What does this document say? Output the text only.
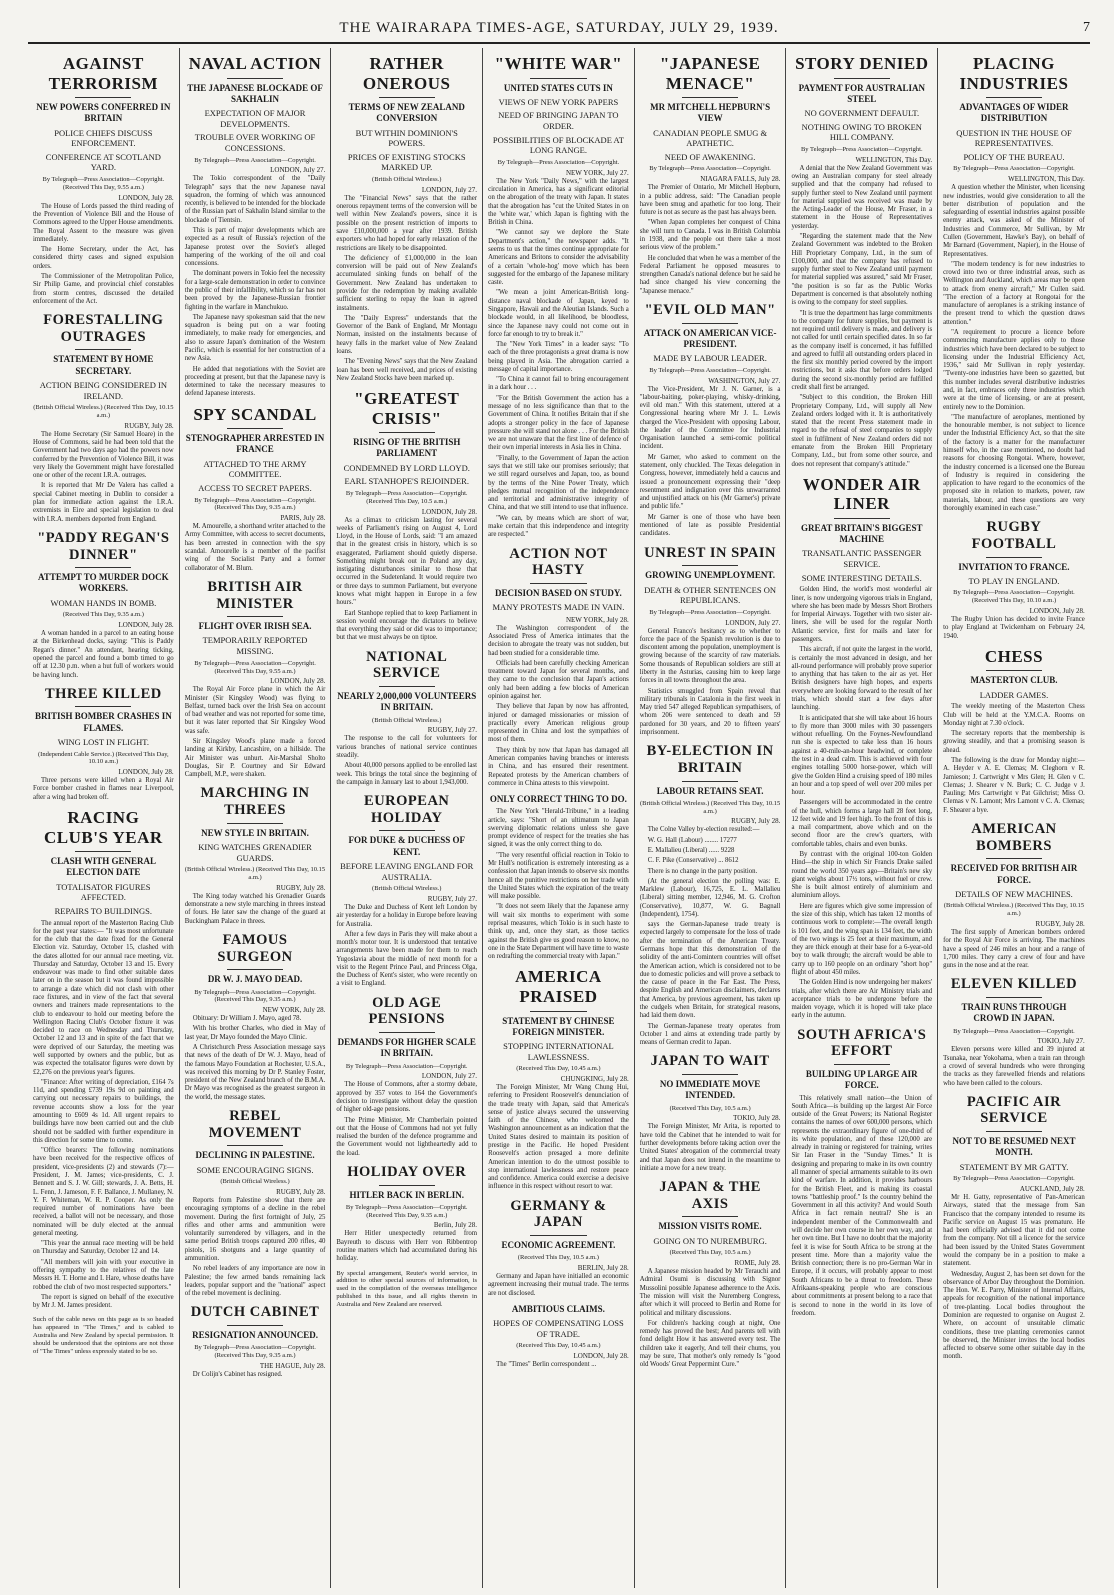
THE WAIRARAPA TIMES-AGE, SATURDAY, JULY 29, 1939.	7
AGAINST TERRORISM
NEW POWERS CONFERRED IN BRITAIN
POLICE CHIEFS DISCUSS ENFORCEMENT.
CONFERENCE AT SCOTLAND YARD.
By Telegraph—Press Association—Copyright. (Received This Day, 9.55 a.m.)
LONDON, July 28.

The House of Lords passed the third reading of the Prevention of Violence Bill and the House of Commons agreed to the Upper House amendments. The Royal Assent to the measure was given immediately.

The Home Secretary, under the Act, has considered thirty cases and signed expulsion orders.

The Commissioner of the Metropolitan Police, Sir Philip Game, and provincial chief constables from storm centres, discussed the detailed enforcement of the Act.

FORESTALLING OUTRAGES
STATEMENT BY HOME SECRETARY.
ACTION BEING CONSIDERED IN IRELAND.
(British Official Wireless.) (Received This Day, 10.15 a.m.)
RUGBY, July 28.

The Home Secretary (Sir Samuel Hoare) in the House of Commons, said he had been told that the Government had two days ago had the powers now conferred by the Prevention of Violence Bill, it was very likely the Government might have forestalled one or other of the recent I.R.A. outrages.

It is reported that Mr De Valera has called a special Cabinet meeting in Dublin to consider a plan for immediate action against the I.R.A. extremists in Eire and special legislation to deal with I.R.A. members deported from England.

"PADDY REGAN'S DINNER"
ATTEMPT TO MURDER DOCK WORKERS.
WOMAN HANDS IN BOMB.
(Received This Day, 9.35 a.m.)
LONDON, July 28.

A woman handed in a parcel to an eating house at the Birkenhead docks, saying: "This is Paddy Regan's dinner." An attendant, hearing ticking, opened the parcel and found a bomb timed to go off at 12.30 p.m. when a hut full of workers would be having lunch.

THREE KILLED
BRITISH BOMBER CRASHES IN FLAMES.
WING LOST IN FLIGHT.
(Independent Cable Service.) (Received This Day, 10.10 a.m.)
LONDON, July 28.

Three persons were killed when a Royal Air Force bomber crashed in flames near Liverpool, after a wing had broken off.

RACING CLUB'S YEAR
CLASH WITH GENERAL ELECTION DATE
TOTALISATOR FIGURES AFFECTED.
REPAIRS TO BUILDINGS.

The annual report of the Masterton Racing Club for the past year states:— "It was most unfortunate for the club that the date fixed for the General Election viz. Saturday, October 15, clashed with the dates allotted for our annual race meeting, viz. Thursday and Saturday, October 13 and 15. Every endeavour was made to find other suitable dates later on in the season but it was found impossible to arrange a date which did not clash with other race fixtures, and in view of the fact that several owners and trainers made representations to the club to endeavour to hold our meeting before the Wellington Racing Club's October fixture it was decided to race on Wednesday and Thursday, October 12 and 13 and in spite of the fact that we were deprived of our Saturday, the meeting was well supported by owners and the public, but as was expected the totalisator figures were down by £2,276 on the previous year's figures.

"Finance: After writing of depreciation, £164 7s 11d, and spending £739 19s 9d on painting and carrying out necessary repairs to buildings, the revenue accounts show a loss for the year amounting to £609 4s 1d. All urgent repairs to buildings have now been carried out and the club should not be saddled with further expenditure in this direction for some time to come.

"Office bearers: The following nominations have been received for the respective offices of president, vice-presidents (2) and stewards (7):—President, J. M. James; vice-presidents, C. J. Bennett and S. J. W. Gill; stewards, J. A. Betts, H. L. Fenn, J. Jameson, F. F. Ballance, J. Mullaney, N. Y. F. Whiteman, W. R. P. Cooper. As only the required number of nominations have been received, a ballot will not be necessary, and those nominated will be duly elected at the annual general meeting.

"This year the annual race meeting will be held on Thursday and Saturday, October 12 and 14.

"All members will join with your executive in offering sympathy to the relatives of the late Messrs H. T. Horne and I. Hare, whose deaths have robbed the club of two most respected supporters."

The report is signed on behalf of the executive by Mr J. M. James president.

Such of the cable news on this page as is so headed has appeared in "The Times," and is cabled to Australia and New Zealand by special permission. It should be understood that the opinions are not those of "The Times" unless expressly stated to be so.
NAVAL ACTION
THE JAPANESE BLOCKADE OF SAKHALIN
EXPECTATION OF MAJOR DEVELOPMENTS.
TROUBLE OVER WORKING OF CONCESSIONS.
By Telegraph—Press Association—Copyright.
LONDON, July 27.

The Tokio correspondent of the "Daily Telegraph" says that the new Japanese naval squadron, the forming of which was announced recently, is believed to be intended for the blockade of the Russian part of Sakhalin Island similar to the blockade of Tientsin.

This is part of major developments which are expected as a result of Russia's rejection of the Japanese protest over the Soviet's alleged hampering of the working of the oil and coal concessions.

The dominant powers in Tokio feel the necessity for a large-scale demonstration in order to convince the public of their infallibility, which so far has not been proved by the Japanese-Russian frontier fighting in the warfare in Manchukuo.

The Japanese navy spokesman said that the new squadron is being put on a war footing immediately, to make ready for emergencies, and also to assure Japan's domination of the Western Pacific, which is essential for her construction of a new Asia.

He added that negotiations with the Soviet are proceeding at present, but that the Japanese navy is determined to take the necessary measures to defend Japanese interests.

SPY SCANDAL
STENOGRAPHER ARRESTED IN FRANCE
ATTACHED TO THE ARMY COMMITTEE.
ACCESS TO SECRET PAPERS.
By Telegraph—Press Association—Copyright. (Received This Day, 9.35 a.m.)
PARIS, July 28.

M. Amourelle, a shorthand writer attached to the Army Committee, with access to secret documents, has been arrested in connection with the spy scandal. Amourelle is a member of the pacifist wing of the Socialist Party and a former collaborator of M. Blum.

BRITISH AIR MINISTER
FLIGHT OVER IRISH SEA.
TEMPORARILY REPORTED MISSING.
By Telegraph—Press Association—Copyright. (Received This Day, 9.55 a.m.)
LONDON, July 28.

The Royal Air Force plane in which the Air Minister (Sir Kingsley Wood) was flying to Belfast, turned back over the Irish Sea on account of bad weather and was not reported for some time, but it was later reported that Sir Kingsley Wood was safe.

Sir Kingsley Wood's plane made a forced landing at Kirkby, Lancashire, on a hillside. The Air Minister was unhurt. Air-Marshal Sholto Douglas, Sir P. Courtney and Sir Edward Campbell, M.P., were shaken.

MARCHING IN THREES
NEW STYLE IN BRITAIN.
KING WATCHES GRENADIER GUARDS.
(British Official Wireless.) (Received This Day, 10.15 a.m.)
RUGBY, July 28.

The King today watched his Grenadier Guards demonstrate a new style marching in threes instead of fours. He later saw the change of the guard at Buckingham Palace in threes.

FAMOUS SURGEON
DR W. J. MAYO DEAD.
By Telegraph—Press Association—Copyright. (Received This Day, 9.35 a.m.)
NEW YORK, July 28.

Obituary: Dr William J. Mayo, aged 78.

With his brother Charles, who died in May of last year, Dr Mayo founded the Mayo Clinic.

A Christchurch Press Association message says that news of the death of Dr W. J. Mayo, head of the famous Mayo Foundation at Rochester, U.S.A., was received this morning by Dr P. Stanley Foster, president of the New Zealand branch of the B.M.A. Dr Mayo was recognised as the greatest surgeon in the world, the message states.

REBEL MOVEMENT
DECLINING IN PALESTINE.
SOME ENCOURAGING SIGNS.
(British Official Wireless.)
RUGBY, July 28.

Reports from Palestine show that there are encouraging symptoms of a decline in the rebel movement. During the first fortnight of July, 25 rifles and other arms and ammunition were voluntarily surrendered by villagers, and in the same period British troops captured 200 rifles, 40 pistols, 16 shotguns and a large quantity of ammunition.

No rebel leaders of any importance are now in Palestine; the few armed bands remaining lack leaders, popular support and the "national" aspect of the rebel movement is declining.

DUTCH CABINET
RESIGNATION ANNOUNCED.
By Telegraph—Press Association—Copyright. (Received This Day, 9.35 a.m.)
THE HAGUE, July 28.

Dr Colijn's Cabinet has resigned.

RATHER ONEROUS
TERMS OF NEW ZEALAND CONVERSION
BUT WITHIN DOMINION'S POWERS.
PRICES OF EXISTING STOCKS MARKED UP.
(British Official Wireless.)
LONDON, July 27.

The "Financial News" says that the rather onerous repayment terms of the conversion will be well within New Zealand's powers, since it is possible on the present restriction of imports to save £10,000,000 a year after 1939. British exporters who had hoped for early relaxation of the restrictions are likely to be disappointed.

The deficiency of £1,000,000 in the loan conversion will be paid out of New Zealand's accumulated sinking funds on behalf of the Government. New Zealand has undertaken to provide for the redemption by making available sufficient sterling to repay the loan in agreed instalments.

The "Daily Express" understands that the Governor of the Bank of England, Mr Montagu Norman, insisted on the instalments because of heavy falls in the market value of New Zealand loans.

The "Evening News" says that the New Zealand loan has been well received, and prices of existing New Zealand Stocks have been marked up.

"GREATEST CRISIS"
RISING OF THE BRITISH PARLIAMENT
CONDEMNED BY LORD LLOYD.
EARL STANHOPE'S REJOINDER.
By Telegraph—Press Association—Copyright. (Received This Day, 10.5 a.m.)
LONDON, July 28.

As a climax to criticism lasting for several weeks of Parliament's rising on August 4, Lord Lloyd, in the House of Lords, said: "I am amazed that in the greatest crisis in history, which is so exaggerated, Parliament should quietly disperse. Something might break out in Poland any day, instigating disturbances similar to those that occurred in the Sudetenland. It would require two or three days to summon Parliament, but everyone knows what might happen in Europe in a few hours."

Earl Stanhope replied that to keep Parliament in session would encourage the dictators to believe that everything they said or did was to importance; but that we must always be on tiptoe.

NATIONAL SERVICE
NEARLY 2,000,000 VOLUNTEERS IN BRITAIN.
(British Official Wireless.)
RUGBY, July 27.

The response to the call for volunteers for various branches of national service continues steadily.

About 40,000 persons applied to be enrolled last week. This brings the total since the beginning of the campaign in January last to about 1,943,000.

EUROPEAN HOLIDAY
FOR DUKE & DUCHESS OF KENT.
BEFORE LEAVING ENGLAND FOR AUSTRALIA.
(British Official Wireless.)
RUGBY, July 27.

The Duke and Duchess of Kent left London by air yesterday for a holiday in Europe before leaving for Australia.

After a few days in Paris they will make about a month's motor tour. It is understood that tentative arrangements have been made for them to reach Yugoslavia about the middle of next month for a visit to the Regent Prince Paul, and Princess Olga, the Duchess of Kent's sister, who were recently on a visit to England.

OLD AGE PENSIONS
DEMANDS FOR HIGHER SCALE IN BRITAIN.
By Telegraph—Press Association—Copyright.
LONDON, July 27.

The House of Commons, after a stormy debate, approved by 357 votes to 164 the Government's decision to investigate without delay the question of higher old-age pensions.

The Prime Minister, Mr Chamberlain pointed out that the House of Commons had not yet fully realised the burden of the defence programme and the Government would not lightheartedly add to the load.

HOLIDAY OVER
HITLER BACK IN BERLIN.
By Telegraph—Press Association—Copyright. (Received This Day, 9.35 a.m.)
Berlin, July 28.

Herr Hitler unexpectedly returned from Bayreuth to discuss with Herr von Ribbentrop routine matters which had accumulated during his holiday.

By special arrangement, Reuter's world service, in addition to other special sources of information, is used in the compilation of the overseas intelligence published in this issue, and all rights therein in Australia and New Zealand are reserved.
"WHITE WAR"
UNITED STATES CUTS IN
VIEWS OF NEW YORK PAPERS
NEED OF BRINGING JAPAN TO ORDER.
POSSIBILITIES OF BLOCKADE AT LONG RANGE.
By Telegraph—Press Association—Copyright.
NEW YORK, July 27.

The New York "Daily News," with the largest circulation in America, has a significant editorial on the abrogation of the treaty with Japan. It states that the abrogation has "cut the United States in on the 'white war,' which Japan is fighting with the British in China.

"We cannot say we deplore the State Department's action," the newspaper adds. "It seems to us that the times continue appropriate for Americans and Britons to consider the advisability of a certain 'whole-hog' move which has been suggested for the embargo of the Japanese military caste.

"We mean a joint American-British long-distance naval blockade of Japan, keyed to Singapore, Hawaii and the Aleutian Islands. Such a blockade would, in all likelihood, be bloodless, since the Japanese navy could not come out in force far enough to try to break it."

The "New York Times" in a leader says: "To each of the three protagonists a great drama is now being played in Asia. The abrogation carried a message of capital importance.

"To China it cannot fail to bring encouragement in a dark hour . . .

"For the British Government the action has a message of no less significance than that to the Government of China. It notifies Britain that if she adopts a stronger policy in the face of Japanese pressure she will stand not alone . . . For the British we are not unaware that the first line of defence of their own imperial interests in Asia lies in China.

"Finally, to the Government of Japan the action says that we still take our promises seriously; that we still regard ourselves and Japan, too, as bound by the terms of the Nine Power Treaty, which pledges mutual recognition of the independence and territorial and administrative integrity of China, and that we still intend to use that influence.

"We can, by means which are short of war, make certain that this independence and integrity are respected."

ACTION NOT HASTY
DECISION BASED ON STUDY.
MANY PROTESTS MADE IN VAIN.
NEW YORK, July 28.

The Washington correspondent of the Associated Press of America intimates that the decision to abrogate the treaty was not sudden, but had been studied for a considerable time.

Officials had been carefully checking American treatment toward Japan for several months, and they came to the conclusion that Japan's actions only had been adding a few blocks of American opinion against her.

They believe that Japan by now has affronted, injured or damaged missionaries or mission of practically every American religious group represented in China and lost the sympathies of most of them.

They think by now that Japan has damaged all American companies having branches or interests in China, and has ensured their resentment. Repeated protests by the American chambers of commerce in China attests to this viewpoint.

ONLY CORRECT THING TO DO.

The New York "Herald-Tribune," in a leading article, says: "Short of an ultimatum to Japan swerving diplomatic relations unless she gave prompt evidence of respect for the treaties she has signed, it was the only correct thing to do.

"The very resentful official reaction in Tokio to Mr Hull's notification is extremely interesting as a confession that Japan intends to observe six months hence all the punitive restrictions on her trade with the United States which the expiration of the treaty will make possible.

"It does not seem likely that the Japanese army will wait six months to experiment with some reprisal measures, which Tokio is in such haste to think up, and, once they start, as those tactics against the British give us good reason to know, no one in the State Department will have time to waste on redrafting the commercial treaty with Japan."

AMERICA PRAISED
STATEMENT BY CHINESE FOREIGN MINISTER.
STOPPING INTERNATIONAL LAWLESSNESS.
(Received This Day, 10.45 a.m.)
CHUNGKING, July 28.

The Foreign Minister, Mr Wang Chung Hui, referring to President Roosevelt's denunciation of the trade treaty with Japan, said that America's sense of justice always secured the unswerving faith of the Chinese, who welcomed the Washington announcement as an indication that the United States desired to maintain its position of prestige in the Pacific. He hoped President Roosevelt's action presaged a more definite American intention to do the utmost possible to stop international lawlessness and restore peace and confidence. America could exercise a decisive influence in this respect without resort to war.

GERMANY & JAPAN
ECONOMIC AGREEMENT.
(Received This Day, 10.5 a.m.)
BERLIN, July 28.

Germany and Japan have initialled an economic agreement increasing their mutual trade. The terms are not disclosed.

AMBITIOUS CLAIMS.
HOPES OF COMPENSATING LOSS OF TRADE.
(Received This Day, 10.45 a.m.)
LONDON, July 28.

The "Times" Berlin correspondent ...

"JAPANESE MENACE"
MR MITCHELL HEPBURN'S VIEW
CANADIAN PEOPLE SMUG & APATHETIC.
NEED OF AWAKENING.
By Telegraph—Press Association—Copyright.
NIAGARA FALLS, July 28.

The Premier of Ontario, Mr Mitchell Hepburn, in a public address, said: "The Canadian people have been smug and apathetic for too long. Their future is not as secure as the past has always been.

"When Japan completes her conquest of China she will turn to Canada. I was in British Columbia in 1938, and the people out there take a most serious view of the problem."

He concluded that when he was a member of the Federal Parliament he opposed measures to strengthen Canada's national defence but he said he had since changed his view concerning the "Japanese menace."

"EVIL OLD MAN"
ATTACK ON AMERICAN VICE-PRESIDENT.
MADE BY LABOUR LEADER.
By Telegraph—Press Association—Copyright.
WASHINGTON, July 27.

The Vice-President, Mr J. N. Garner, is a "labour-baiting, poker-playing, whisky-drinking, evil old man." With this statement, uttered at a Congressional hearing where Mr J. L. Lewis charged the Vice-President with opposing Labour, the leader of the Committee for Industrial Organisation launched a semi-comic political incident.

Mr Garner, who asked to comment on the statement, only chuckled. The Texas delegation in Congress, however, immediately held a caucus and issued a pronouncement expressing their "deep resentment and indignation over this unwarranted and unjustified attack on his (Mr Garner's) private and public life."

Mr Garner is one of those who have been mentioned of late as possible Presidential candidates.

UNREST IN SPAIN
GROWING UNEMPLOYMENT.
DEATH & OTHER SENTENCES ON REPUBLICANS.
By Telegraph—Press Association—Copyright.
LONDON, July 27.

General Franco's hesitancy as to whether to force the pace of the Spanish revolution is due to discontent among the population, unemployment is growing because of the scarcity of raw materials. Some thousands of Republican soldiers are still at liberty in the Asturias, causing him to keep large forces in all towns throughout the area.

Statistics smuggled from Spain reveal that military tribunals in Catalonia in the first week in May tried 547 alleged Republican sympathisers, of whom 206 were sentenced to death and 59 pardoned for 30 years, and 20 to fifteen years' imprisonment.

BY-ELECTION IN BRITAIN
LABOUR RETAINS SEAT.
(British Official Wireless.) (Received This Day, 10.15 a.m.)
RUGBY, July 28.

The Colne Valley by-election resulted:—

W. G. Hall (Labour) ........ 17277

E. Mallalieu (Liberal) ...... 9228

C. F. Pike (Conservative) ... 8612

There is no change in the party position.

(At the general election the polling was: E. Marklew (Labour), 16,725, E. L. Mallalieu (Liberal) sitting member, 12,946, M. G. Crofton (Conservative), 10,877, W. G. Bagnall (Independent), 1754).

says the German-Japanese trade treaty is expected largely to compensate for the loss of trade after the termination of the American Treaty. Germans hope that this demonstration of the solidity of the anti-Comintern countries will offset the American action, which is considered not to be due to domestic policies and will prove a setback to the cause of peace in the Far East. The Press, despite English and American disclaimers, declares that America, by previous agreement, has taken up the cudgels when Britain, for strategical reasons, had laid them down.

The German-Japanese treaty operates from October 1 and aims at extending trade partly by means of German credit to Japan.

JAPAN TO WAIT
NO IMMEDIATE MOVE INTENDED.
(Received This Day, 10.5 a.m.)
TOKIO, July 28.

The Foreign Minister, Mr Arita, is reported to have told the Cabinet that he intended to wait for further developments before taking action over the United States' abrogation of the commercial treaty and that Japan does not intend in the meantime to initiate a move for a new treaty.

JAPAN & THE AXIS
MISSION VISITS ROME.
GOING ON TO NUREMBURG.
(Received This Day, 10.5 a.m.)
ROME, July 28.

A Japanese mission headed by Mr Terauchi and Admiral Osumi is discussing with Signor Mussolini possible Japanese adherence to the Axis. The mission will visit the Nuremberg Congress, after which it will proceed to Berlin and Rome for political and military discussions.

For children's hacking cough at night, One remedy has proved the best; And parents tell with fond delight How it has answered every test. The children take it eagerly, And tell their chums, you may be sure, That mother's only remedy Is "good old Woods' Great Peppermint Cure."

STORY DENIED
PAYMENT FOR AUSTRALIAN STEEL
NO GOVERNMENT DEFAULT.
NOTHING OWING TO BROKEN HILL COMPANY.
By Telegraph—Press Association—Copyright.
WELLINGTON, This Day.

A denial that the New Zealand Government was owing an Australian company for steel already supplied and that the company had refused to supply further steel to New Zealand until payment for material supplied was received was made by the Acting-Leader of the House, Mr Fraser, in a statement in the House of Representatives yesterday.

"Regarding the statement made that the New Zealand Government was indebted to the Broken Hill Proprietary Company, Ltd., in the sum of £100,000, and that the company has refused to supply further steel to New Zealand until payment for material supplied was assured," said Mr Fraser, "the position is so far as the Public Works Department is concerned is that absolutely nothing is owing to the company for steel supplies.

"It is true the department has large commitments to the company for future supplies, but payment is not required until delivery is made, and delivery is not called for until certain specified dates. In so far as the company itself is concerned, it has fulfilled and agreed to fulfil all outstanding orders placed in the first six monthly period covered by the import restrictions, but it asks that before orders lodged during the second six-monthly period are fulfilled credit shall first be arranged.

"Subject to this condition, the Broken Hill Proprietary Company, Ltd., will supply all New Zealand orders lodged with it. It is authoritatively stated that the recent Press statement made in regard to the refusal of steel companies to supply steel in fulfilment of New Zealand orders did not emanate from the Broken Hill Proprietary Company, Ltd., but from some other source, and does not represent that company's attitude."

WONDER AIR LINER
GREAT BRITAIN'S BIGGEST MACHINE
TRANSATLANTIC PASSENGER SERVICE.
SOME INTERESTING DETAILS.

Golden Hind, the world's most wonderful air liner, is now undergoing vigorous trials in England, where she has been made by Messrs Short Brothers for Imperial Airways. Together with two sister air-liners, she will be used for the regular North Atlantic service, first for mails and later for passengers.

This aircraft, if not quite the largest in the world, is certainly the most advanced in design, and her all-round performance will probably prove superior to anything that has taken to the air as yet. Her British designers have high hopes, and experts everywhere are looking forward to the result of her trials, which should start a few days after launching.

It is anticipated that she will take about 16 hours to fly more than 3000 miles with 30 passengers without refuelling. On the Foynes-Newfoundland run she is expected to take less than 16 hours against a 40-mile-an-hour headwind, or complete the test in a dead calm. This is achieved with four engines totalling 5000 horse-power, which will give the Golden Hind a cruising speed of 180 miles an hour and a top speed of well over 200 miles per hour.

Passengers will be accommodated in the centre of the hull, which forms a large hall 28 feet long, 12 feet wide and 19 feet high. To the front of this is a mail compartment, above which and on the second floor are the crew's quarters, with comfortable tables, chairs and even bunks.

By contrast with the original 100-ton Golden Hind—the ship in which Sir Francis Drake sailed round the world 350 years ago—Britain's new sky giant weighs about 17½ tons, without fuel or crew. She is built almost entirely of aluminium and aluminium alloys.

Here are figures which give some impression of the size of this ship, which has taken 12 months of continuous work to complete:—The overall length is 101 feet, and the wing span is 134 feet, the width of the two wings is 25 feet at their maximum, and they are thick enough at their base for a 6-year-old boy to walk through; the aircraft would be able to carry up to 160 people on an ordinary "short hop" flight of about 450 miles.

The Golden Hind is now undergoing her makers' trials, after which there are Air Ministry trials and acceptance trials to be undergone before the maiden voyage, which it is hoped will take place early in the autumn.

SOUTH AFRICA'S EFFORT
BUILDING UP LARGE AIR FORCE.

This relatively small nation—the Union of South Africa—is building up the largest Air Force outside of the Great Powers; its National Register contains the names of over 600,000 persons, which represents the extraordinary figure of one-third of its white population, and of these 120,000 are already in training or registered for training, writes Sir Ian Fraser in the "Sunday Times." It is designing and preparing to make in its own country all manner of special armaments suitable to its own kind of warfare. In addition, it provides harbours for the British Fleet, and is making its coastal towns "battleship proof." Is the country behind the Government in all this activity? And would South Africa in fact remain neutral? She is an independent member of the Commonwealth and will decide her own course in her own way, and at her own time. But I have no doubt that the majority feel it is wise for South Africa to be strong at the present time. More than a majority value the British connection; there is no pro-German War in Europe, if it occurs, will probably appear to most South Africans to be a threat to freedom. These Afrikaans-speaking people who are conscious about commitments at present belong to a race that is second to none in the world in its love of freedom.

PLACING INDUSTRIES
ADVANTAGES OF WIDER DISTRIBUTION
QUESTION IN THE HOUSE OF REPRESENTATIVES.
POLICY OF THE BUREAU.
By Telegraph—Press Association—Copyright.
WELLINGTON, This Day.

A question whether the Minister, when licensing new industries, would give consideration to all the better distribution of population and the safeguarding of essential industries against possible enemy attack, was asked of the Minister of Industries and Commerce, Mr Sullivan, by Mr Cullen (Government, Hawke's Bay), on behalf of Mr Barnard (Government, Napier), in the House of Representatives.

"The modern tendency is for new industries to crowd into two or three industrial areas, such as Wellington and Auckland, which areas may be open to attack from enemy aircraft," Mr Cullen said. "The erection of a factory at Rongotai for the manufacture of aeroplanes is a striking instance of the present trend to which the question draws attention."

"A requirement to procure a licence before commencing manufacture applies only to those industries which have been declared to be subject to licensing under the Industrial Efficiency Act, 1936," said Mr Sullivan in reply yesterday. "Twenty-one industries have been so gazetted, but this number includes several distributive industries and, in fact, embraces only three industries which were at the time of licensing, or are at present, entirely new to the Dominion.

"The manufacture of aeroplanes, mentioned by the honourable member, is not subject to licence under the Industrial Efficiency Act, so that the site of the factory is a matter for the manufacturer himself who, in the case mentioned, no doubt had reasons for choosing Rongotai. Where, however, the industry concerned is a licensed one the Bureau of Industry is required in considering the application to have regard to the economics of the proposed site in relation to markets, power, raw materials, labour, and these questions are very thoroughly examined in each case."

RUGBY FOOTBALL
INVITATION TO FRANCE.
TO PLAY IN ENGLAND.
By Telegraph—Press Association—Copyright. (Received This Day, 10.10 a.m.)
LONDON, July 28.

The Rugby Union has decided to invite France to play England at Twickenham on February 24, 1940.

CHESS
MASTERTON CLUB.
LADDER GAMES.

The weekly meeting of the Masterton Chess Club will be held at the Y.M.C.A. Rooms on Monday night at 7.30 o'clock.

The secretary reports that the membership is growing steadily, and that a promising season is ahead.

The following is the draw for Monday night:—A. Heyder v A. E. Clemas; M. Cleghorn v R. Jamieson; J. Cartwright v Mrs Glen; H. Glen v C. Clemas; J. Shearer v N. Burk; C. C. Judge v J. Pauling; Mrs Cartwright v Pat Gilchrist; Miss O. Clemas v N. Lamont; Mrs Lamont v C. A. Clemas; F. Shearer a bye.

AMERICAN BOMBERS
RECEIVED FOR BRITISH AIR FORCE.
DETAILS OF NEW MACHINES.
(British Official Wireless.) (Received This Day, 10.15 a.m.)
RUGBY, July 28.

The first supply of American bombers ordered for the Royal Air Force is arriving. The machines have a speed of 246 miles an hour and a range of 1,700 miles. They carry a crew of four and have guns in the nose and at the rear.

ELEVEN KILLED
TRAIN RUNS THROUGH CROWD IN JAPAN.
By Telegraph—Press Association—Copyright.
TOKIO, July 27.

Eleven persons were killed and 39 injured at Tsunaka, near Yokohama, when a train ran through a crowd of several hundreds who were thronging the tracks as they farewelled friends and relations who have been called to the colours.

PACIFIC AIR SERVICE
NOT TO BE RESUMED NEXT MONTH.
STATEMENT BY MR GATTY.
By Telegraph—Press Association—Copyright.
AUCKLAND, July 28.

Mr H. Gatty, representative of Pan-American Airways, stated that the message from San Francisco that the company intended to resume its Pacific service on August 15 was premature. He had been officially advised that it did not come from the company. Not till a licence for the service had been issued by the United States Government would the company be in a position to make a statement.

Wednesday, August 2, has been set down for the observance of Arbor Day throughout the Dominion. The Hon. W. E. Parry, Minister of Internal Affairs, appeals for recognition of the national importance of tree-planting. Local bodies throughout the Dominion are requested to organise on August 2. Where, on account of unsuitable climatic conditions, these tree planting ceremonies cannot be observed, the Minister invites the local bodies affected to observe some other suitable day in the month.
